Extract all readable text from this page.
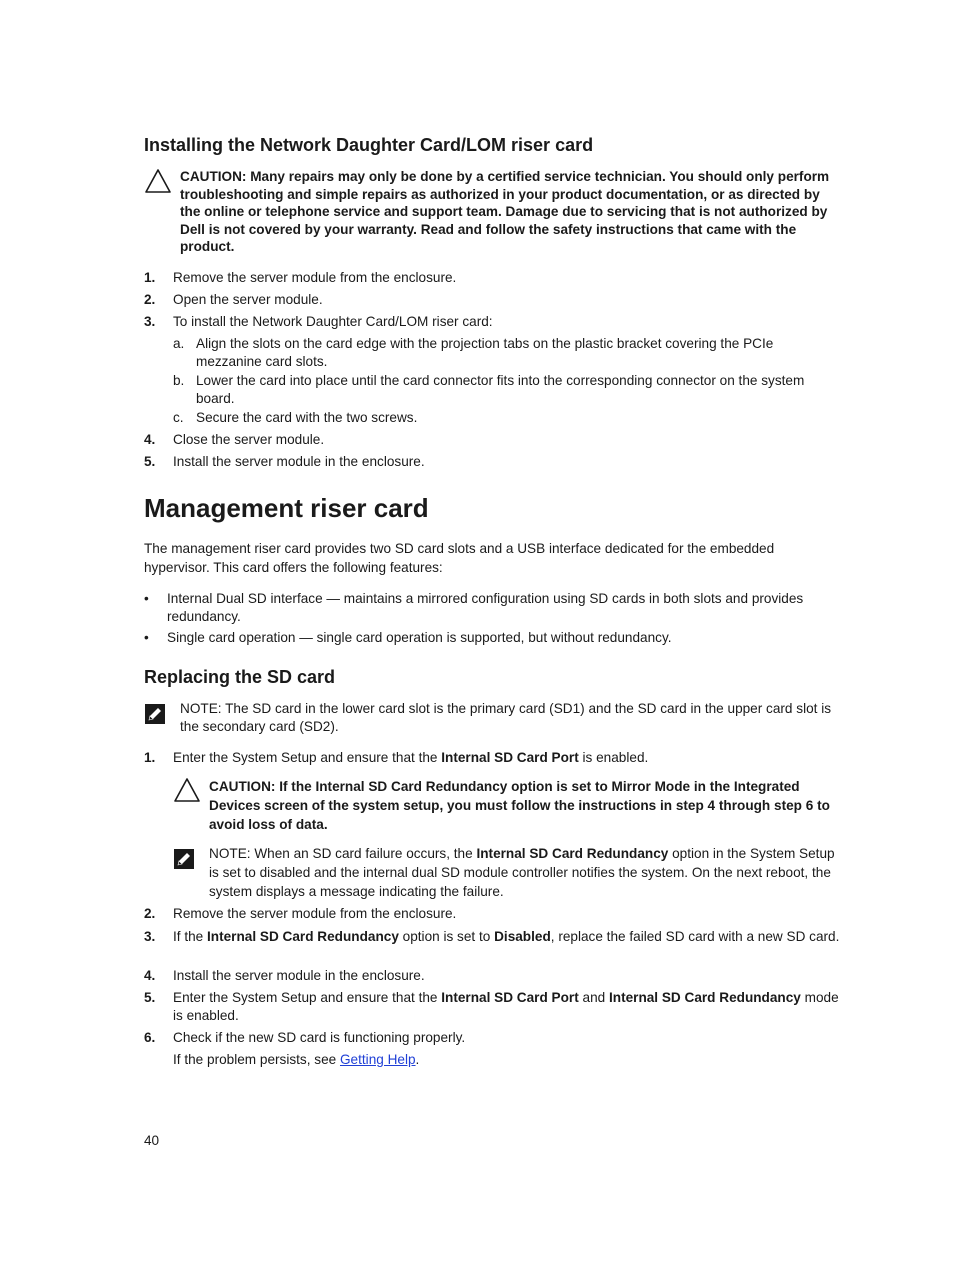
Installing the Network Daughter Card/LOM riser card
CAUTION: Many repairs may only be done by a certified service technician. You should only perform troubleshooting and simple repairs as authorized in your product documentation, or as directed by the online or telephone service and support team. Damage due to servicing that is not authorized by Dell is not covered by your warranty. Read and follow the safety instructions that came with the product.
1. Remove the server module from the enclosure.
2. Open the server module.
3. To install the Network Daughter Card/LOM riser card:
a. Align the slots on the card edge with the projection tabs on the plastic bracket covering the PCIe mezzanine card slots.
b. Lower the card into place until the card connector fits into the corresponding connector on the system board.
c. Secure the card with the two screws.
4. Close the server module.
5. Install the server module in the enclosure.
Management riser card
The management riser card provides two SD card slots and a USB interface dedicated for the embedded hypervisor. This card offers the following features:
• Internal Dual SD interface — maintains a mirrored configuration using SD cards in both slots and provides redundancy.
• Single card operation — single card operation is supported, but without redundancy.
Replacing the SD card
NOTE: The SD card in the lower card slot is the primary card (SD1) and the SD card in the upper card slot is the secondary card (SD2).
1. Enter the System Setup and ensure that the Internal SD Card Port is enabled.
CAUTION: If the Internal SD Card Redundancy option is set to Mirror Mode in the Integrated Devices screen of the system setup, you must follow the instructions in step 4 through step 6 to avoid loss of data.
NOTE: When an SD card failure occurs, the Internal SD Card Redundancy option in the System Setup is set to disabled and the internal dual SD module controller notifies the system. On the next reboot, the system displays a message indicating the failure.
2. Remove the server module from the enclosure.
3. If the Internal SD Card Redundancy option is set to Disabled, replace the failed SD card with a new SD card.
4. Install the server module in the enclosure.
5. Enter the System Setup and ensure that the Internal SD Card Port and Internal SD Card Redundancy mode is enabled.
6. Check if the new SD card is functioning properly.
If the problem persists, see Getting Help.
40
